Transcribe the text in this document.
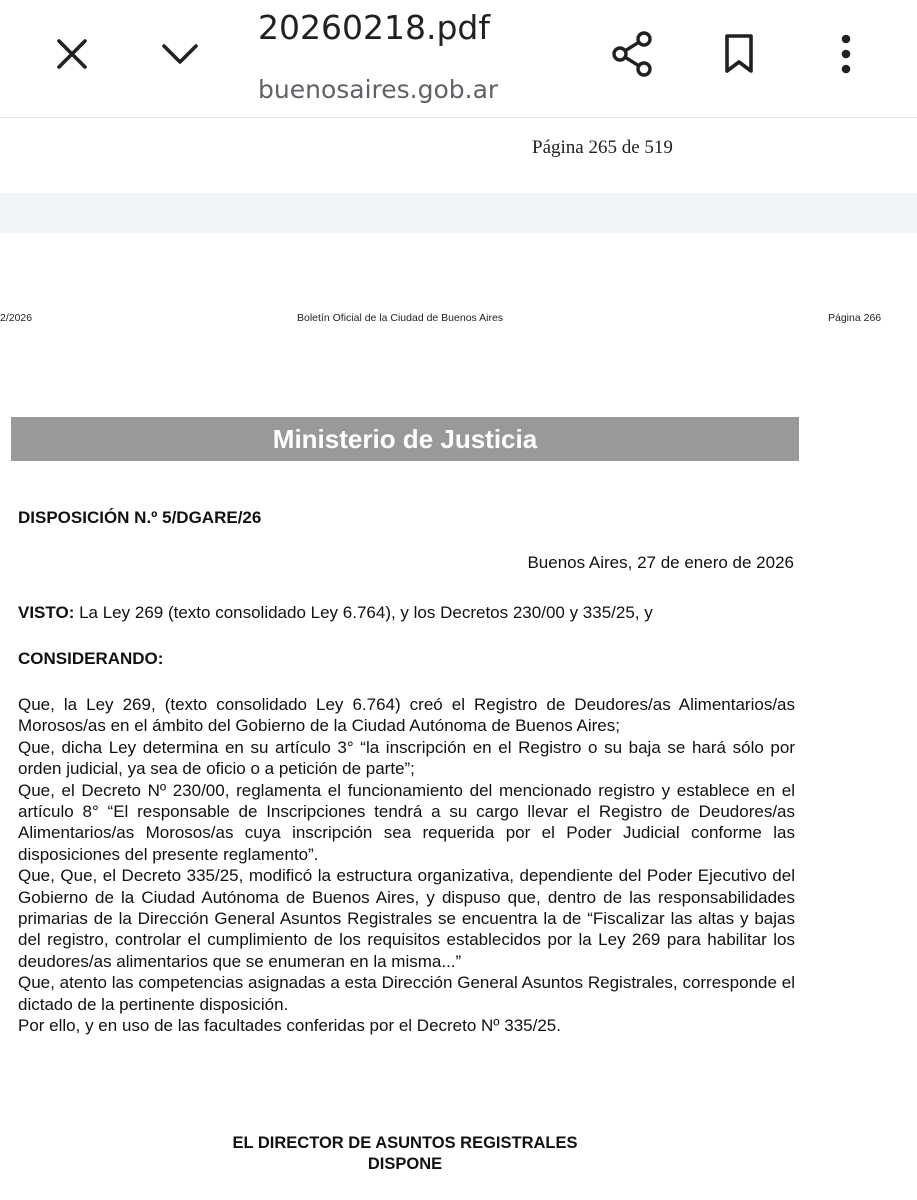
20260218.pdf
buenosaires.gob.ar
Página 265 de 519
2/2026	Boletín Oficial de la Ciudad de Buenos Aires	Página 266
Ministerio de Justicia
DISPOSICIÓN N.º 5/DGARE/26
Buenos Aires, 27 de enero de 2026
VISTO: La Ley 269 (texto consolidado Ley 6.764), y los Decretos 230/00 y 335/25, y
CONSIDERANDO:

Que, la Ley 269, (texto consolidado Ley 6.764) creó el Registro de Deudores/as Alimentarios/as Morosos/as en el ámbito del Gobierno de la Ciudad Autónoma de Buenos Aires;

Que, dicha Ley determina en su artículo 3° “la inscripción en el Registro o su baja se hará sólo por orden judicial, ya sea de oficio o a petición de parte”;

Que, el Decreto Nº 230/00, reglamenta el funcionamiento del mencionado registro y establece en el artículo 8° “El responsable de Inscripciones tendrá a su cargo llevar el Registro de Deudores/as Alimentarios/as Morosos/as cuya inscripción sea requerida por el Poder Judicial conforme las disposiciones del presente reglamento”.

Que, Que, el Decreto 335/25, modificó la estructura organizativa, dependiente del Poder Ejecutivo del Gobierno de la Ciudad Autónoma de Buenos Aires, y dispuso que, dentro de las responsabilidades primarias de la Dirección General Asuntos Registrales se encuentra la de “Fiscalizar las altas y bajas del registro, controlar el cumplimiento de los requisitos establecidos por la Ley 269 para habilitar los deudores/as alimentarios que se enumeran en la misma...”

Que, atento las competencias asignadas a esta Dirección General Asuntos Registrales, corresponde el dictado de la pertinente disposición.

Por ello, y en uso de las facultades conferidas por el Decreto Nº 335/25.

EL DIRECTOR DE ASUNTOS REGISTRALES
DISPONE
